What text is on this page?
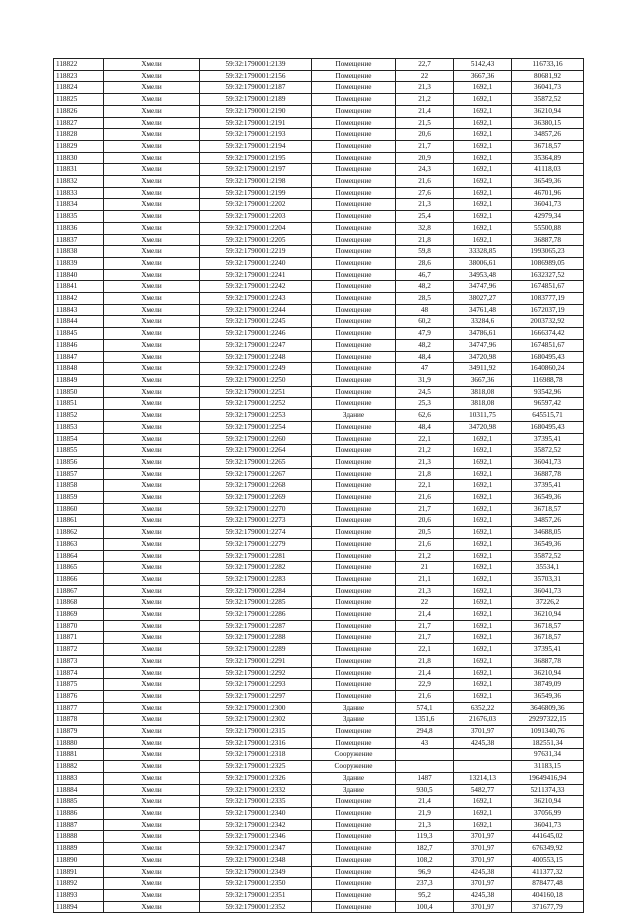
118822	Хмели	59:32:1790001:2139	Помещение	22,7	5142,43	116733,16
118823	Хмели	59:32:1790001:2156	Помещение	22	3667,36	80681,92
118824	Хмели	59:32:1790001:2187	Помещение	21,3	1692,1	36041,73
118825	Хмели	59:32:1790001:2189	Помещение	21,2	1692,1	35872,52
118826	Хмели	59:32:1790001:2190	Помещение	21,4	1692,1	36210,94
118827	Хмели	59:32:1790001:2191	Помещение	21,5	1692,1	36380,15
118828	Хмели	59:32:1790001:2193	Помещение	20,6	1692,1	34857,26
118829	Хмели	59:32:1790001:2194	Помещение	21,7	1692,1	36718,57
118830	Хмели	59:32:1790001:2195	Помещение	20,9	1692,1	35364,89
118831	Хмели	59:32:1790001:2197	Помещение	24,3	1692,1	41118,03
118832	Хмели	59:32:1790001:2198	Помещение	21,6	1692,1	36549,36
118833	Хмели	59:32:1790001:2199	Помещение	27,6	1692,1	46701,96
118834	Хмели	59:32:1790001:2202	Помещение	21,3	1692,1	36041,73
118835	Хмели	59:32:1790001:2203	Помещение	25,4	1692,1	42979,34
118836	Хмели	59:32:1790001:2204	Помещение	32,8	1692,1	55500,88
118837	Хмели	59:32:1790001:2205	Помещение	21,8	1692,1	36887,78
118838	Хмели	59:32:1790001:2219	Помещение	59,8	33328,85	1993065,23
118839	Хмели	59:32:1790001:2240	Помещение	28,6	38006,61	1086989,05
118840	Хмели	59:32:1790001:2241	Помещение	46,7	34953,48	1632327,52
118841	Хмели	59:32:1790001:2242	Помещение	48,2	34747,96	1674851,67
118842	Хмели	59:32:1790001:2243	Помещение	28,5	38027,27	1083777,19
118843	Хмели	59:32:1790001:2244	Помещение	48	34761,48	1672037,19
118844	Хмели	59:32:1790001:2245	Помещение	60,2	33284,6	2003732,92
118845	Хмели	59:32:1790001:2246	Помещение	47,9	34786,61	1666374,42
118846	Хмели	59:32:1790001:2247	Помещение	48,2	34747,96	1674851,67
118847	Хмели	59:32:1790001:2248	Помещение	48,4	34720,98	1680495,43
118848	Хмели	59:32:1790001:2249	Помещение	47	34911,92	1640860,24
118849	Хмели	59:32:1790001:2250	Помещение	31,9	3667,36	116988,78
118850	Хмели	59:32:1790001:2251	Помещение	24,5	3818,08	93542,96
118851	Хмели	59:32:1790001:2252	Помещение	25,3	3818,08	96597,42
118852	Хмели	59:32:1790001:2253	Здание	62,6	10311,75	645515,71
118853	Хмели	59:32:1790001:2254	Помещение	48,4	34720,98	1680495,43
118854	Хмели	59:32:1790001:2260	Помещение	22,1	1692,1	37395,41
118855	Хмели	59:32:1790001:2264	Помещение	21,2	1692,1	35872,52
118856	Хмели	59:32:1790001:2265	Помещение	21,3	1692,1	36041,73
118857	Хмели	59:32:1790001:2267	Помещение	21,8	1692,1	36887,78
118858	Хмели	59:32:1790001:2268	Помещение	22,1	1692,1	37395,41
118859	Хмели	59:32:1790001:2269	Помещение	21,6	1692,1	36549,36
118860	Хмели	59:32:1790001:2270	Помещение	21,7	1692,1	36718,57
118861	Хмели	59:32:1790001:2273	Помещение	20,6	1692,1	34857,26
118862	Хмели	59:32:1790001:2274	Помещение	20,5	1692,1	34688,05
118863	Хмели	59:32:1790001:2279	Помещение	21,6	1692,1	36549,36
118864	Хмели	59:32:1790001:2281	Помещение	21,2	1692,1	35872,52
118865	Хмели	59:32:1790001:2282	Помещение	21	1692,1	35534,1
118866	Хмели	59:32:1790001:2283	Помещение	21,1	1692,1	35703,31
118867	Хмели	59:32:1790001:2284	Помещение	21,3	1692,1	36041,73
118868	Хмели	59:32:1790001:2285	Помещение	22	1692,1	37226,2
118869	Хмели	59:32:1790001:2286	Помещение	21,4	1692,1	36210,94
118870	Хмели	59:32:1790001:2287	Помещение	21,7	1692,1	36718,57
118871	Хмели	59:32:1790001:2288	Помещение	21,7	1692,1	36718,57
118872	Хмели	59:32:1790001:2289	Помещение	22,1	1692,1	37395,41
118873	Хмели	59:32:1790001:2291	Помещение	21,8	1692,1	36887,78
118874	Хмели	59:32:1790001:2292	Помещение	21,4	1692,1	36210,94
118875	Хмели	59:32:1790001:2293	Помещение	22,9	1692,1	38749,09
118876	Хмели	59:32:1790001:2297	Помещение	21,6	1692,1	36549,36
118877	Хмели	59:32:1790001:2300	Здание	574,1	6352,22	3646809,36
118878	Хмели	59:32:1790001:2302	Здание	1351,6	21676,03	29297322,15
118879	Хмели	59:32:1790001:2315	Помещение	294,8	3701,97	1091340,76
118880	Хмели	59:32:1790001:2316	Помещение	43	4245,38	182551,34
118881	Хмели	59:32:1790001:2318	Сооружение			97631,34
118882	Хмели	59:32:1790001:2325	Сооружение			31183,15
118883	Хмели	59:32:1790001:2326	Здание	1487	13214,13	19649416,94
118884	Хмели	59:32:1790001:2332	Здание	930,5	5482,77	5211374,33
118885	Хмели	59:32:1790001:2335	Помещение	21,4	1692,1	36210,94
118886	Хмели	59:32:1790001:2340	Помещение	21,9	1692,1	37056,99
118887	Хмели	59:32:1790001:2342	Помещение	21,3	1692,1	36041,73
118888	Хмели	59:32:1790001:2346	Помещение	119,3	3701,97	441645,02
118889	Хмели	59:32:1790001:2347	Помещение	182,7	3701,97	676349,92
118890	Хмели	59:32:1790001:2348	Помещение	108,2	3701,97	400553,15
118891	Хмели	59:32:1790001:2349	Помещение	96,9	4245,38	411377,32
118892	Хмели	59:32:1790001:2350	Помещение	237,3	3701,97	878477,48
118893	Хмели	59:32:1790001:2351	Помещение	95,2	4245,38	404160,18
118894	Хмели	59:32:1790001:2352	Помещение	100,4	3701,97	371677,79
